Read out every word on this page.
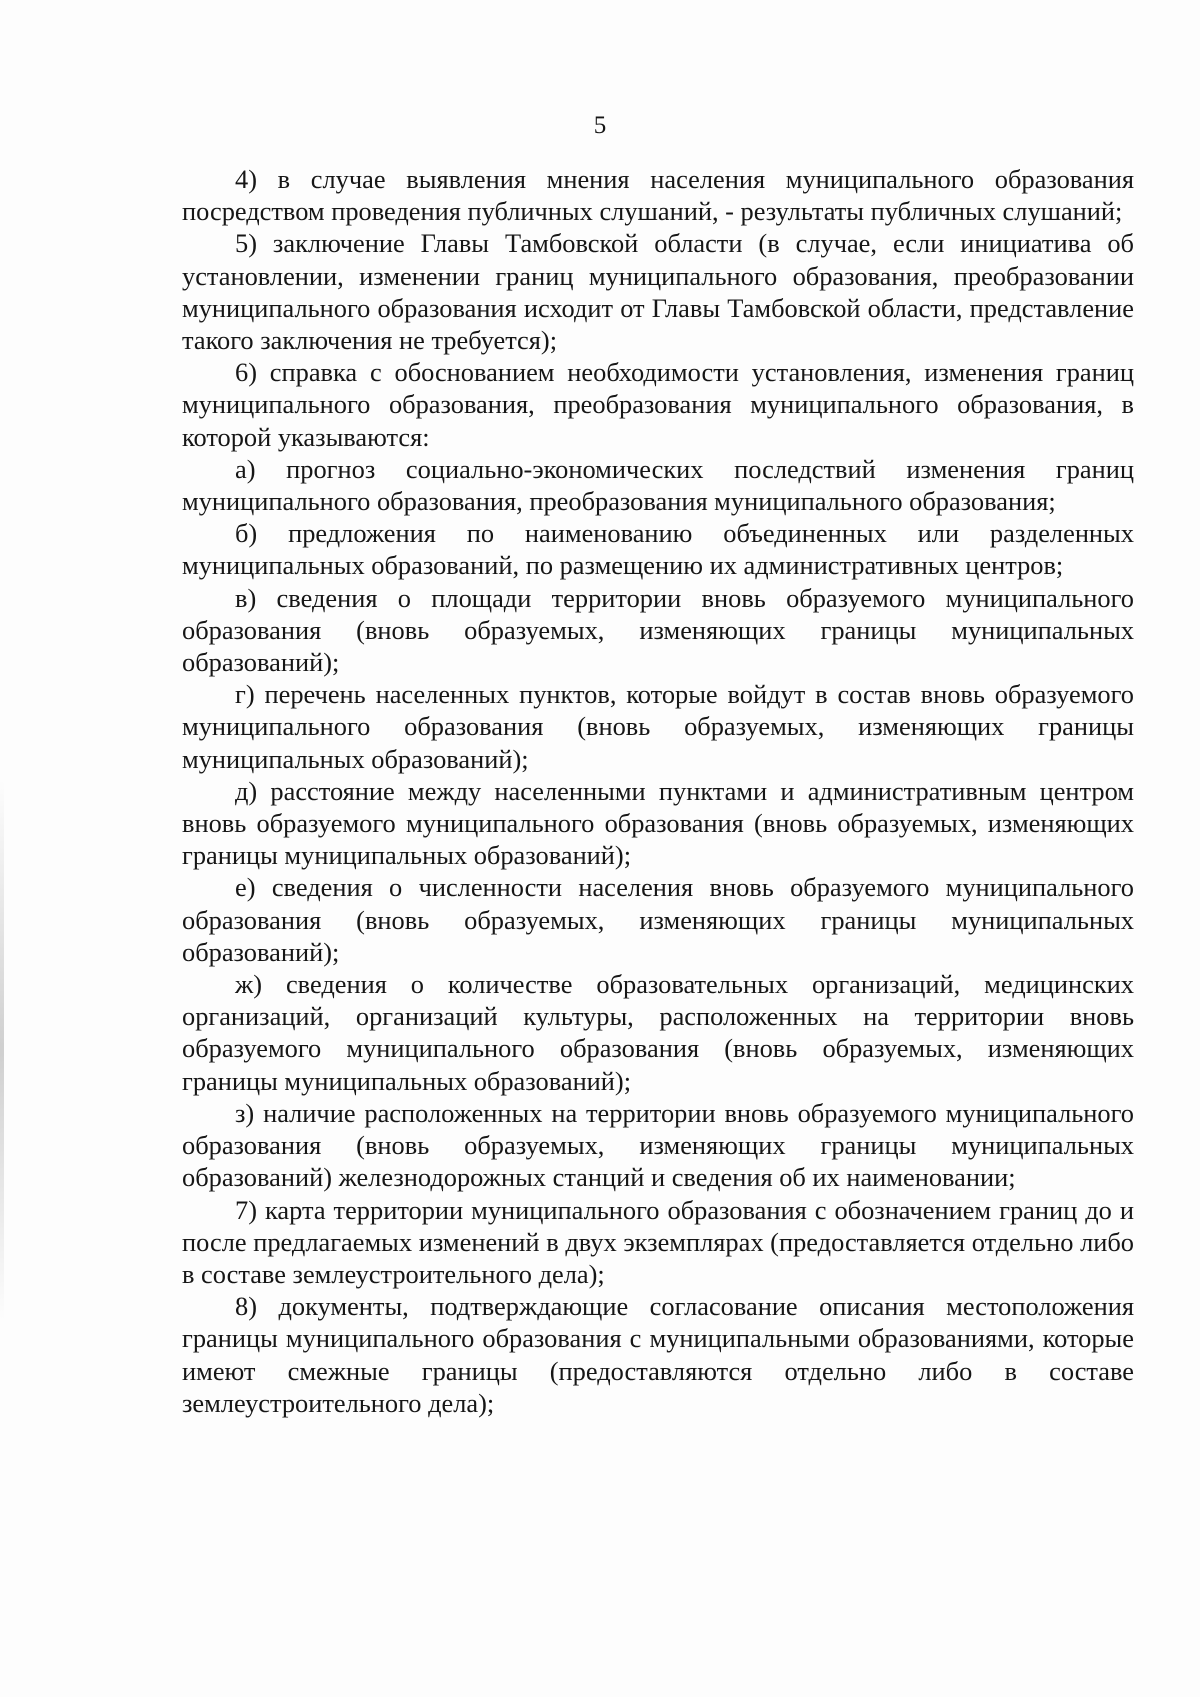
5

4) в случае выявления мнения населения муниципального образования посредством проведения публичных слушаний, - результаты публичных слушаний;

5) заключение Главы Тамбовской области (в случае, если инициатива об установлении, изменении границ муниципального образования, преобразовании муниципального образования исходит от Главы Тамбовской области, представление такого заключения не требуется);

6) справка с обоснованием необходимости установления, изменения границ муниципального образования, преобразования муниципального образования, в которой указываются:

а) прогноз социально-экономических последствий изменения границ муниципального образования, преобразования муниципального образования;

б) предложения по наименованию объединенных или разделенных муниципальных образований, по размещению их административных центров;

в) сведения о площади территории вновь образуемого муниципального образования (вновь образуемых, изменяющих границы муниципальных образований);

г) перечень населенных пунктов, которые войдут в состав вновь образуемого муниципального образования (вновь образуемых, изменяющих границы муниципальных образований);

д) расстояние между населенными пунктами и административным центром вновь образуемого муниципального образования (вновь образуемых, изменяющих границы муниципальных образований);

е) сведения о численности населения вновь образуемого муниципального образования (вновь образуемых, изменяющих границы муниципальных образований);

ж) сведения о количестве образовательных организаций, медицинских организаций, организаций культуры, расположенных на территории вновь образуемого муниципального образования (вновь образуемых, изменяющих границы муниципальных образований);

з) наличие расположенных на территории вновь образуемого муниципального образования (вновь образуемых, изменяющих границы муниципальных образований) железнодорожных станций и сведения об их наименовании;

7) карта территории муниципального образования с обозначением границ до и после предлагаемых изменений в двух экземплярах (предоставляется отдельно либо в составе землеустроительного дела);

8) документы, подтверждающие согласование описания местоположения границы муниципального образования с муниципальными образованиями, которые имеют смежные границы (предоставляются отдельно либо в составе землеустроительного дела);
